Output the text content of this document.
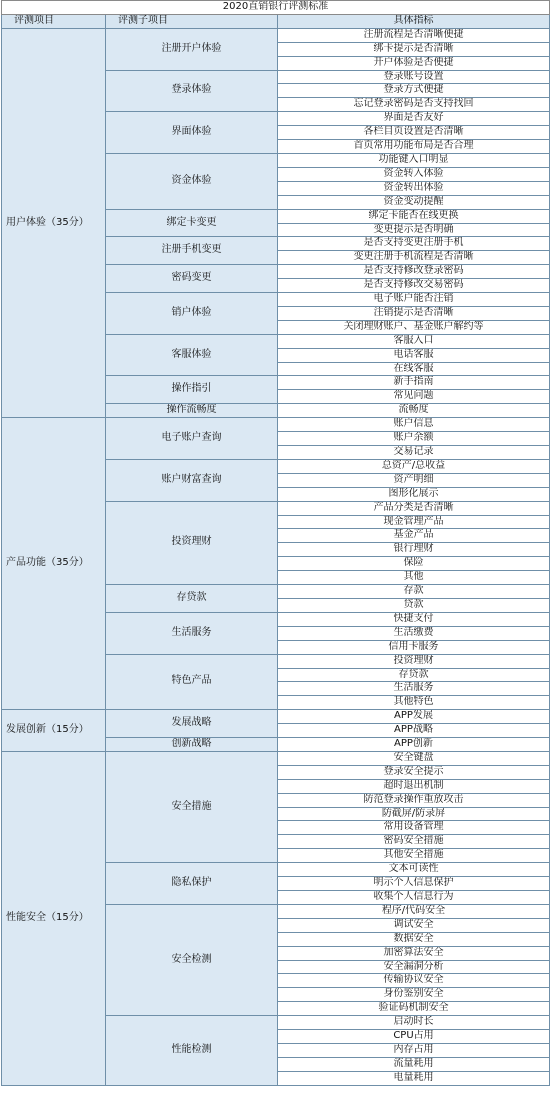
2020直销银行评测标准		
评测项目	评测子项目	具体指标
用户体验（35分）	注册开户体验	注册流程是否清晰便捷
		绑卡提示是否清晰
		开户体验是否便捷
	登录体验	登录账号设置
		登录方式便捷
		忘记登录密码是否支持找回
	界面体验	界面是否友好
		各栏目页设置是否清晰
		首页常用功能布局是否合理
	资金体验	功能键入口明显
		资金转入体验
		资金转出体验
		资金变动提醒
	绑定卡变更	绑定卡能否在线更换
		变更提示是否明确
	注册手机变更	是否支持变更注册手机
		变更注册手机流程是否清晰
	密码变更	是否支持修改登录密码
		是否支持修改交易密码
	销户体验	电子账户能否注销
		注销提示是否清晰
		关闭理财账户、基金账户解约等
	客服体验	客服入口
		电话客服
		在线客服
	操作指引	新手指南
		常见问题
	操作流畅度	流畅度
产品功能（35分）	电子账户查询	账户信息
		账户余额
		交易记录
	账户财富查询	总资产/总收益
		资产明细
		图形化展示
	投资理财	产品分类是否清晰
		现金管理产品
		基金产品
		银行理财
		保险
		其他
	存贷款	存款
		贷款
	生活服务	快捷支付
		生活缴费
		信用卡服务
	特色产品	投资理财
		存贷款
		生活服务
		其他特色
发展创新（15分）	发展战略	APP发展
		APP战略
	创新战略	APP创新
性能安全（15分）	安全措施	安全键盘
		登录安全提示
		超时退出机制
		防范登录操作重放攻击
		防截屏/防录屏
		常用设备管理
		密码安全措施
		其他安全措施
	隐私保护	文本可读性
		明示个人信息保护
		收集个人信息行为
	安全检测	程序/代码安全
		调试安全
		数据安全
		加密算法安全
		安全漏洞分析
		传输协议安全
		身份鉴别安全
		验证码机制安全
	性能检测	启动时长
		CPU占用
		内存占用
		流量耗用
		电量耗用
